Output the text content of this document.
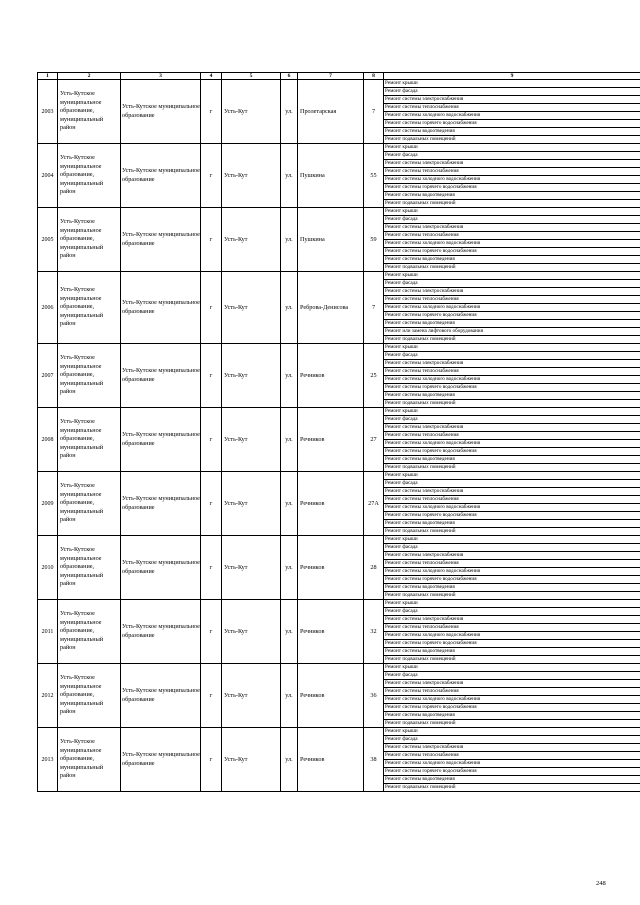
1	2	3	4	5	6	7	8	9
2003	Усть-Кутское муниципальное образование, муниципальный район	Усть-Кутское муниципальное образование	г	Усть-Кут	ул.	Пролетарская	7	Ремонт крыши
								Ремонт фасада
								Ремонт системы электроснабжения
								Ремонт системы теплоснабжения
								Ремонт системы холодного водоснабжения
								Ремонт системы горячего водоснабжения
								Ремонт системы водоотведения
								Ремонт подвальных помещений
2004	Усть-Кутское муниципальное образование, муниципальный район	Усть-Кутское муниципальное образование	г	Усть-Кут	ул.	Пушкина	55	Ремонт крыши
								Ремонт фасада
								Ремонт системы электроснабжения
								Ремонт системы теплоснабжения
								Ремонт системы холодного водоснабжения
								Ремонт системы горячего водоснабжения
								Ремонт системы водоотведения
								Ремонт подвальных помещений
2005	Усть-Кутское муниципальное образование, муниципальный район	Усть-Кутское муниципальное образование	г	Усть-Кут	ул.	Пушкина	59	Ремонт крыши
								Ремонт фасада
								Ремонт системы электроснабжения
								Ремонт системы теплоснабжения
								Ремонт системы холодного водоснабжения
								Ремонт системы горячего водоснабжения
								Ремонт системы водоотведения
								Ремонт подвальных помещений
2006	Усть-Кутское муниципальное образование, муниципальный район	Усть-Кутское муниципальное образование	г	Усть-Кут	ул.	Реброва-Денисова	7	Ремонт крыши
								Ремонт фасада
								Ремонт системы электроснабжения
								Ремонт системы теплоснабжения
								Ремонт системы холодного водоснабжения
								Ремонт системы горячего водоснабжения
								Ремонт системы водоотведения
								Ремонт или замена лифтового оборудования
								Ремонт подвальных помещений
2007	Усть-Кутское муниципальное образование, муниципальный район	Усть-Кутское муниципальное образование	г	Усть-Кут	ул.	Речников	25	Ремонт крыши
								Ремонт фасада
								Ремонт системы электроснабжения
								Ремонт системы теплоснабжения
								Ремонт системы холодного водоснабжения
								Ремонт системы горячего водоснабжения
								Ремонт системы водоотведения
								Ремонт подвальных помещений
2008	Усть-Кутское муниципальное образование, муниципальный район	Усть-Кутское муниципальное образование	г	Усть-Кут	ул.	Речников	27	Ремонт крыши
								Ремонт фасада
								Ремонт системы электроснабжения
								Ремонт системы теплоснабжения
								Ремонт системы холодного водоснабжения
								Ремонт системы горячего водоснабжения
								Ремонт системы водоотведения
								Ремонт подвальных помещений
2009	Усть-Кутское муниципальное образование, муниципальный район	Усть-Кутское муниципальное образование	г	Усть-Кут	ул.	Речников	27А	Ремонт крыши
								Ремонт фасада
								Ремонт системы электроснабжения
								Ремонт системы теплоснабжения
								Ремонт системы холодного водоснабжения
								Ремонт системы горячего водоснабжения
								Ремонт системы водоотведения
								Ремонт подвальных помещений
2010	Усть-Кутское муниципальное образование, муниципальный район	Усть-Кутское муниципальное образование	г	Усть-Кут	ул.	Речников	28	Ремонт крыши
								Ремонт фасада
								Ремонт системы электроснабжения
								Ремонт системы теплоснабжения
								Ремонт системы холодного водоснабжения
								Ремонт системы горячего водоснабжения
								Ремонт системы водоотведения
								Ремонт подвальных помещений
2011	Усть-Кутское муниципальное образование, муниципальный район	Усть-Кутское муниципальное образование	г	Усть-Кут	ул.	Речников	32	Ремонт крыши
								Ремонт фасада
								Ремонт системы электроснабжения
								Ремонт системы теплоснабжения
								Ремонт системы холодного водоснабжения
								Ремонт системы горячего водоснабжения
								Ремонт системы водоотведения
								Ремонт подвальных помещений
2012	Усть-Кутское муниципальное образование, муниципальный район	Усть-Кутское муниципальное образование	г	Усть-Кут	ул.	Речников	36	Ремонт крыши
								Ремонт фасада
								Ремонт системы электроснабжения
								Ремонт системы теплоснабжения
								Ремонт системы холодного водоснабжения
								Ремонт системы горячего водоснабжения
								Ремонт системы водоотведения
								Ремонт подвальных помещений
2013	Усть-Кутское муниципальное образование, муниципальный район	Усть-Кутское муниципальное образование	г	Усть-Кут	ул.	Речников	38	Ремонт крыши
								Ремонт фасада
								Ремонт системы электроснабжения
								Ремонт системы теплоснабжения
								Ремонт системы холодного водоснабжения
								Ремонт системы горячего водоснабжения
								Ремонт системы водоотведения
								Ремонт подвальных помещений
248
